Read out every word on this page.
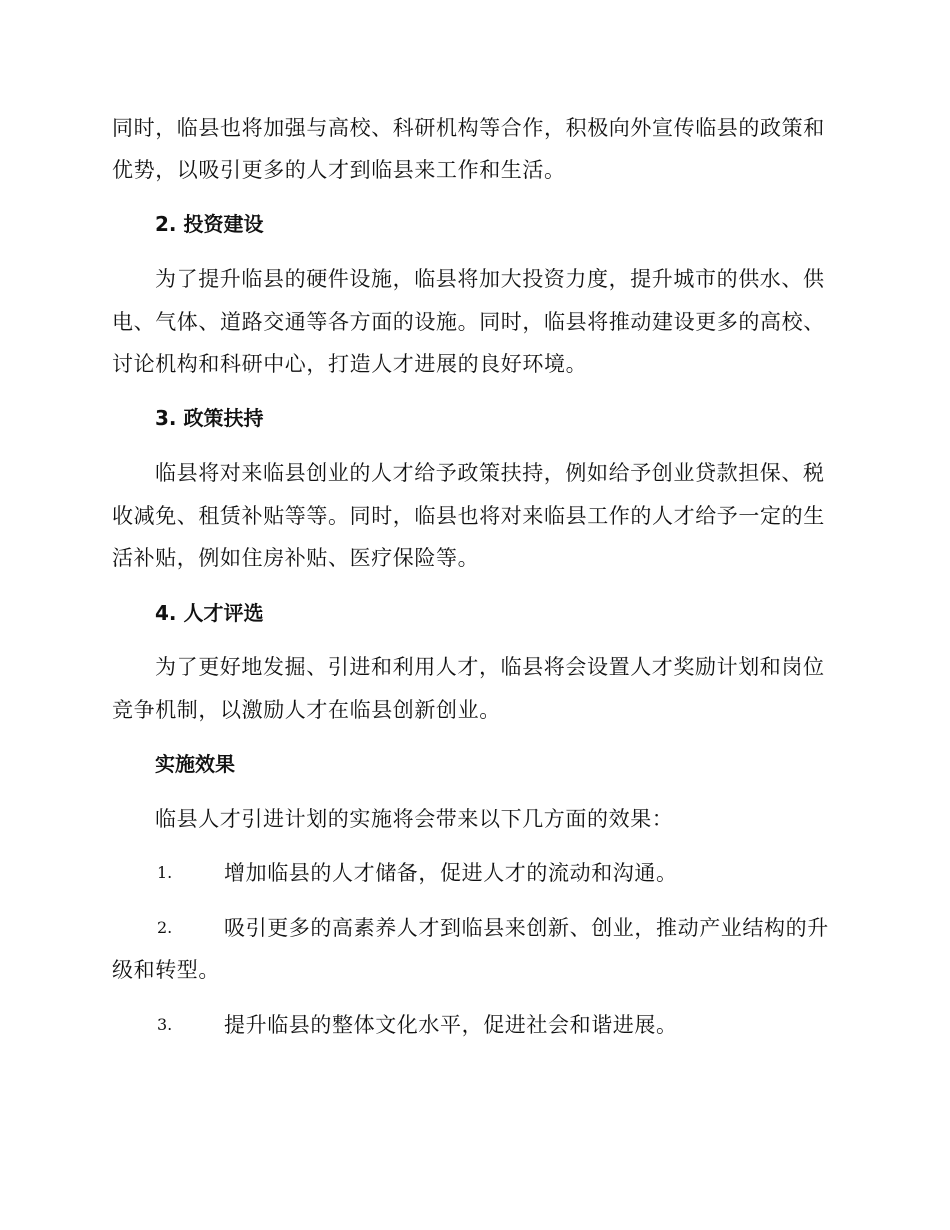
同时，临县也将加强与高校、科研机构等合作，积极向外宣传临县的政策和
优势，以吸引更多的人才到临县来工作和生活。
2. 投资建设
为了提升临县的硬件设施，临县将加大投资力度，提升城市的供水、供
电、气体、道路交通等各方面的设施。同时，临县将推动建设更多的高校、
讨论机构和科研中心，打造人才进展的良好环境。
3. 政策扶持
临县将对来临县创业的人才给予政策扶持，例如给予创业贷款担保、税
收减免、租赁补贴等等。同时，临县也将对来临县工作的人才给予一定的生
活补贴，例如住房补贴、医疗保险等。
4. 人才评选
为了更好地发掘、引进和利用人才，临县将会设置人才奖励计划和岗位
竞争机制，以激励人才在临县创新创业。
实施效果
临县人才引进计划的实施将会带来以下几方面的效果：
1. 增加临县的人才储备，促进人才的流动和沟通。
2. 吸引更多的高素养人才到临县来创新、创业，推动产业结构的升
级和转型。
3. 提升临县的整体文化水平，促进社会和谐进展。
